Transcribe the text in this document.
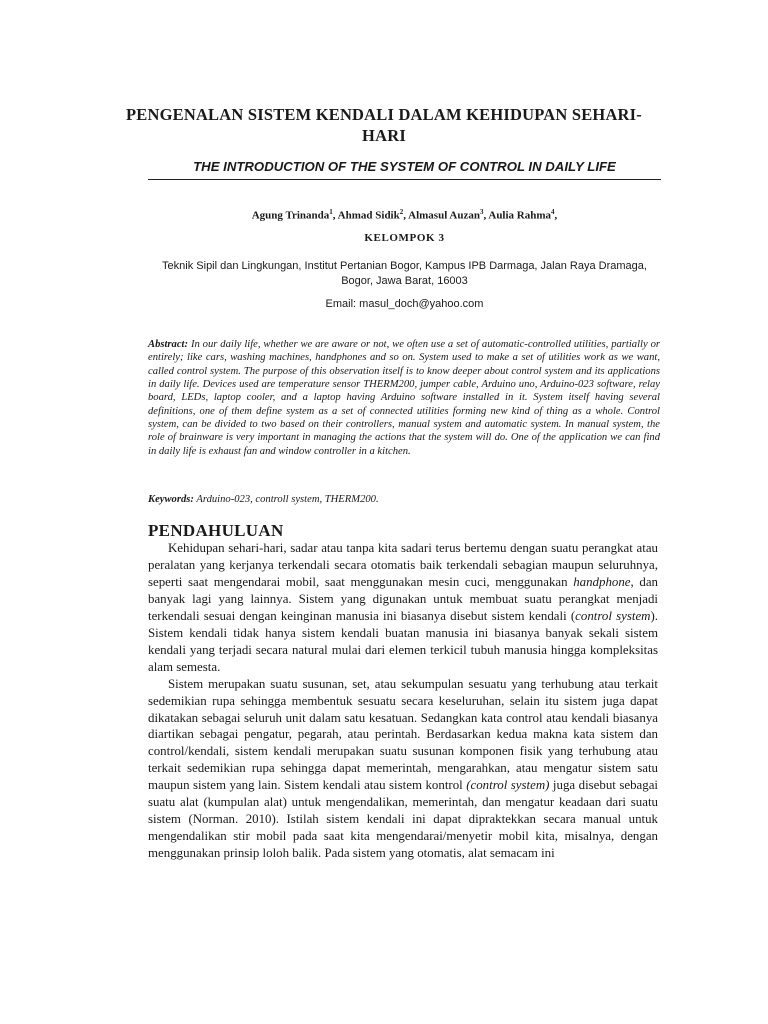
PENGENALAN SISTEM KENDALI DALAM KEHIDUPAN SEHARI-HARI
THE INTRODUCTION OF THE SYSTEM OF CONTROL IN DAILY LIFE
Agung Trinanda$^1$, Ahmad Sidik$^2$, Almasul Auzan$^3$, Aulia Rahma$^4$,
KELOMPOK 3
Teknik Sipil dan Lingkungan, Institut Pertanian Bogor, Kampus IPB Darmaga, Jalan Raya Dramaga, Bogor, Jawa Barat, 16003
Email: masul_doch@yahoo.com
Abstract: In our daily life, whether we are aware or not, we often use a set of automatic-controlled utilities, partially or entirely; like cars, washing machines, handphones and so on. System used to make a set of utilities work as we want, called control system. The purpose of this observation itself is to know deeper about control system and its applications in daily life. Devices used are temperature sensor THERM200, jumper cable, Arduino uno, Arduino-023 software, relay board, LEDs, laptop cooler, and a laptop having Arduino software installed in it. System itself having several definitions, one of them define system as a set of connected utilities forming new kind of thing as a whole. Control system, can be divided to two based on their controllers, manual system and automatic system. In manual system, the role of brainware is very important in managing the actions that the system will do. One of the application we can find in daily life is exhaust fan and window controller in a kitchen.
Keywords: Arduino-023, controll system, THERM200.
PENDAHULUAN

Kehidupan sehari-hari, sadar atau tanpa kita sadari terus bertemu dengan suatu perangkat atau peralatan yang kerjanya terkendali secara otomatis baik terkendali sebagian maupun seluruhnya, seperti saat mengendarai mobil, saat menggunakan mesin cuci, menggunakan handphone, dan banyak lagi yang lainnya. Sistem yang digunakan untuk membuat suatu perangkat menjadi terkendali sesuai dengan keinginan manusia ini biasanya disebut sistem kendali (control system). Sistem kendali tidak hanya sistem kendali buatan manusia ini biasanya banyak sekali sistem kendali yang terjadi secara natural mulai dari elemen terkicil tubuh manusia hingga kompleksitas alam semesta.

Sistem merupakan suatu susunan, set, atau sekumpulan sesuatu yang terhubung atau terkait sedemikian rupa sehingga membentuk sesuatu secara keseluruhan, selain itu sistem juga dapat dikatakan sebagai seluruh unit dalam satu kesatuan. Sedangkan kata control atau kendali biasanya diartikan sebagai pengatur, pegarah, atau perintah. Berdasarkan kedua makna kata sistem dan control/kendali, sistem kendali merupakan suatu susunan komponen fisik yang terhubung atau terkait sedemikian rupa sehingga dapat memerintah, mengarahkan, atau mengatur sistem satu maupun sistem yang lain. Sistem kendali atau sistem kontrol (control system) juga disebut sebagai suatu alat (kumpulan alat) untuk mengendalikan, memerintah, dan mengatur keadaan dari suatu sistem (Norman. 2010). Istilah sistem kendali ini dapat dipraktekkan secara manual untuk mengendalikan stir mobil pada saat kita mengendarai/menyetir mobil kita, misalnya, dengan menggunakan prinsip loloh balik. Pada sistem yang otomatis, alat semacam ini
